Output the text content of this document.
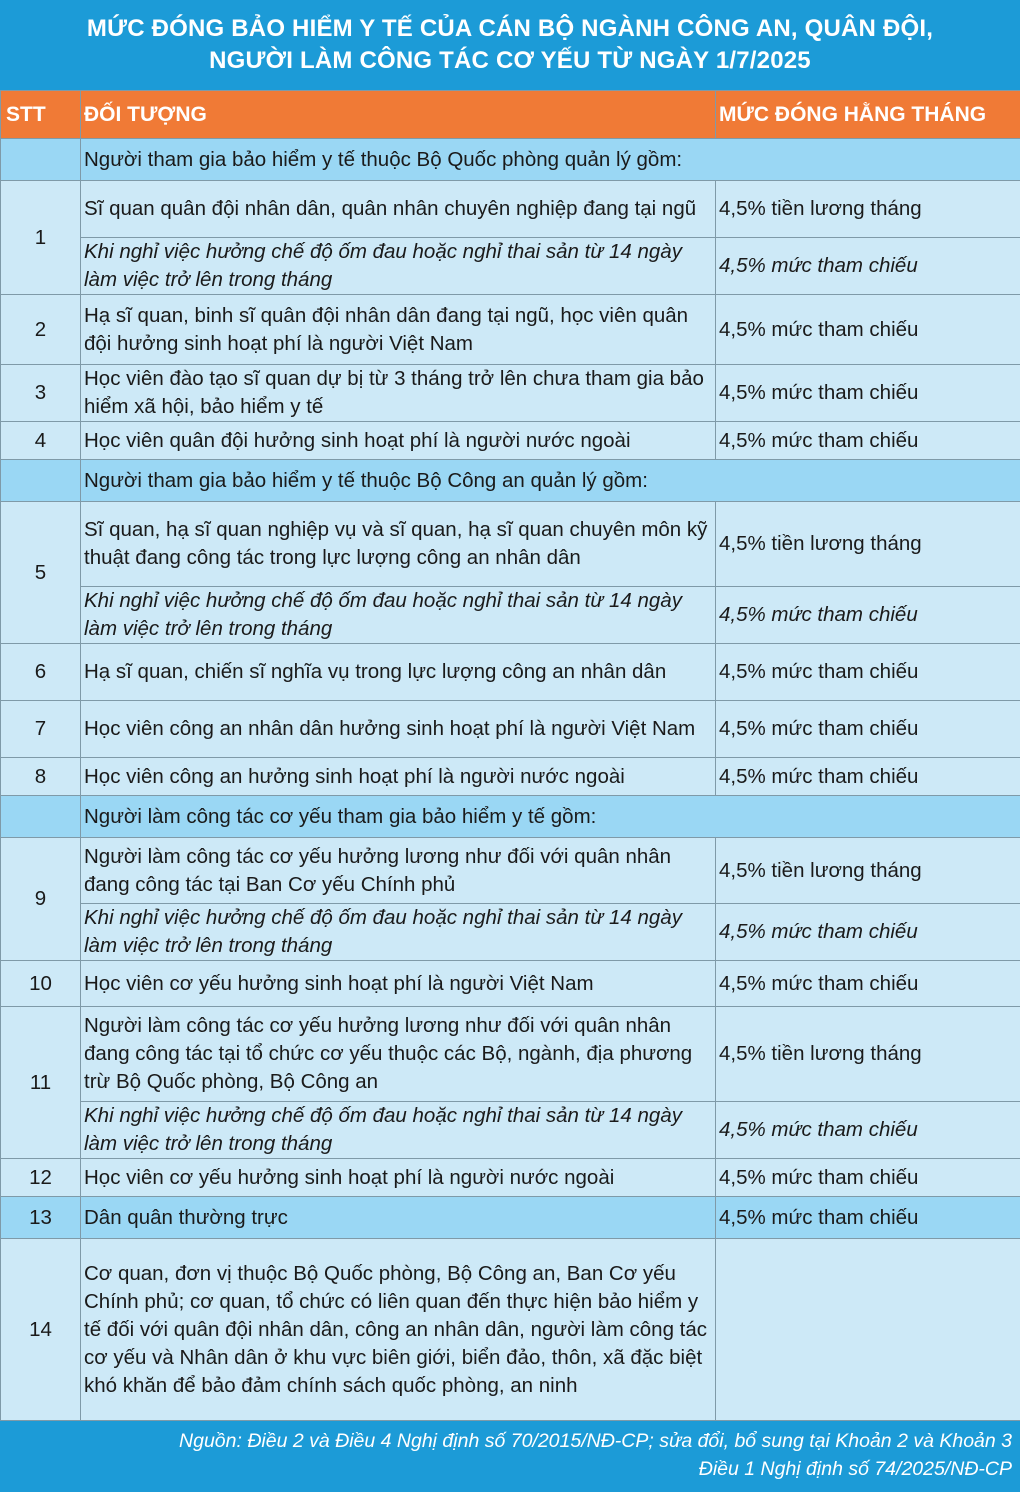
MỨC ĐÓNG BẢO HIỂM Y TẾ CỦA CÁN BỘ NGÀNH CÔNG AN, QUÂN ĐỘI,
NGƯỜI LÀM CÔNG TÁC CƠ YẾU TỪ NGÀY 1/7/2025
STT	ĐỐI TƯỢNG	MỨC ĐÓNG HẰNG THÁNG
	Người tham gia bảo hiểm y tế thuộc Bộ Quốc phòng quản lý gồm:	
1	Sĩ quan quân đội nhân dân, quân nhân chuyên nghiệp đang tại ngũ	4,5% tiền lương tháng
	Khi nghỉ việc hưởng chế độ ốm đau hoặc nghỉ thai sản từ 14 ngày làm việc trở lên trong tháng	4,5% mức tham chiếu
2	Hạ sĩ quan, binh sĩ quân đội nhân dân đang tại ngũ, học viên quân đội hưởng sinh hoạt phí là người Việt Nam	4,5% mức tham chiếu
3	Học viên đào tạo sĩ quan dự bị từ 3 tháng trở lên chưa tham gia bảo hiểm xã hội, bảo hiểm y tế	4,5% mức tham chiếu
4	Học viên quân đội hưởng sinh hoạt phí là người nước ngoài	4,5% mức tham chiếu
	Người tham gia bảo hiểm y tế thuộc Bộ Công an quản lý gồm:	
5	Sĩ quan, hạ sĩ quan nghiệp vụ và sĩ quan, hạ sĩ quan chuyên môn kỹ thuật đang công tác trong lực lượng công an nhân dân	4,5% tiền lương tháng
	Khi nghỉ việc hưởng chế độ ốm đau hoặc nghỉ thai sản từ 14 ngày làm việc trở lên trong tháng	4,5% mức tham chiếu
6	Hạ sĩ quan, chiến sĩ nghĩa vụ trong lực lượng công an nhân dân	4,5% mức tham chiếu
7	Học viên công an nhân dân hưởng sinh hoạt phí là người Việt Nam	4,5% mức tham chiếu
8	Học viên công an hưởng sinh hoạt phí là người nước ngoài	4,5% mức tham chiếu
	Người làm công tác cơ yếu tham gia bảo hiểm y tế gồm:	
9	Người làm công tác cơ yếu hưởng lương như đối với quân nhân đang công tác tại Ban Cơ yếu Chính phủ	4,5% tiền lương tháng
	Khi nghỉ việc hưởng chế độ ốm đau hoặc nghỉ thai sản từ 14 ngày làm việc trở lên trong tháng	4,5% mức tham chiếu
10	Học viên cơ yếu hưởng sinh hoạt phí là người Việt Nam	4,5% mức tham chiếu
11	Người làm công tác cơ yếu hưởng lương như đối với quân nhân đang công tác tại tổ chức cơ yếu thuộc các Bộ, ngành, địa phương trừ Bộ Quốc phòng, Bộ Công an	4,5% tiền lương tháng
	Khi nghỉ việc hưởng chế độ ốm đau hoặc nghỉ thai sản từ 14 ngày làm việc trở lên trong tháng	4,5% mức tham chiếu
12	Học viên cơ yếu hưởng sinh hoạt phí là người nước ngoài	4,5% mức tham chiếu
13	Dân quân thường trực	4,5% mức tham chiếu
14	Cơ quan, đơn vị thuộc Bộ Quốc phòng, Bộ Công an, Ban Cơ yếu Chính phủ; cơ quan, tổ chức có liên quan đến thực hiện bảo hiểm y tế đối với quân đội nhân dân, công an nhân dân, người làm công tác cơ yếu và Nhân dân ở khu vực biên giới, biển đảo, thôn, xã đặc biệt khó khăn để bảo đảm chính sách quốc phòng, an ninh	
Nguồn: Điều 2 và Điều 4 Nghị định số 70/2015/NĐ-CP; sửa đổi, bổ sung tại Khoản 2 và Khoản 3
Điều 1 Nghị định số 74/2025/NĐ-CP
